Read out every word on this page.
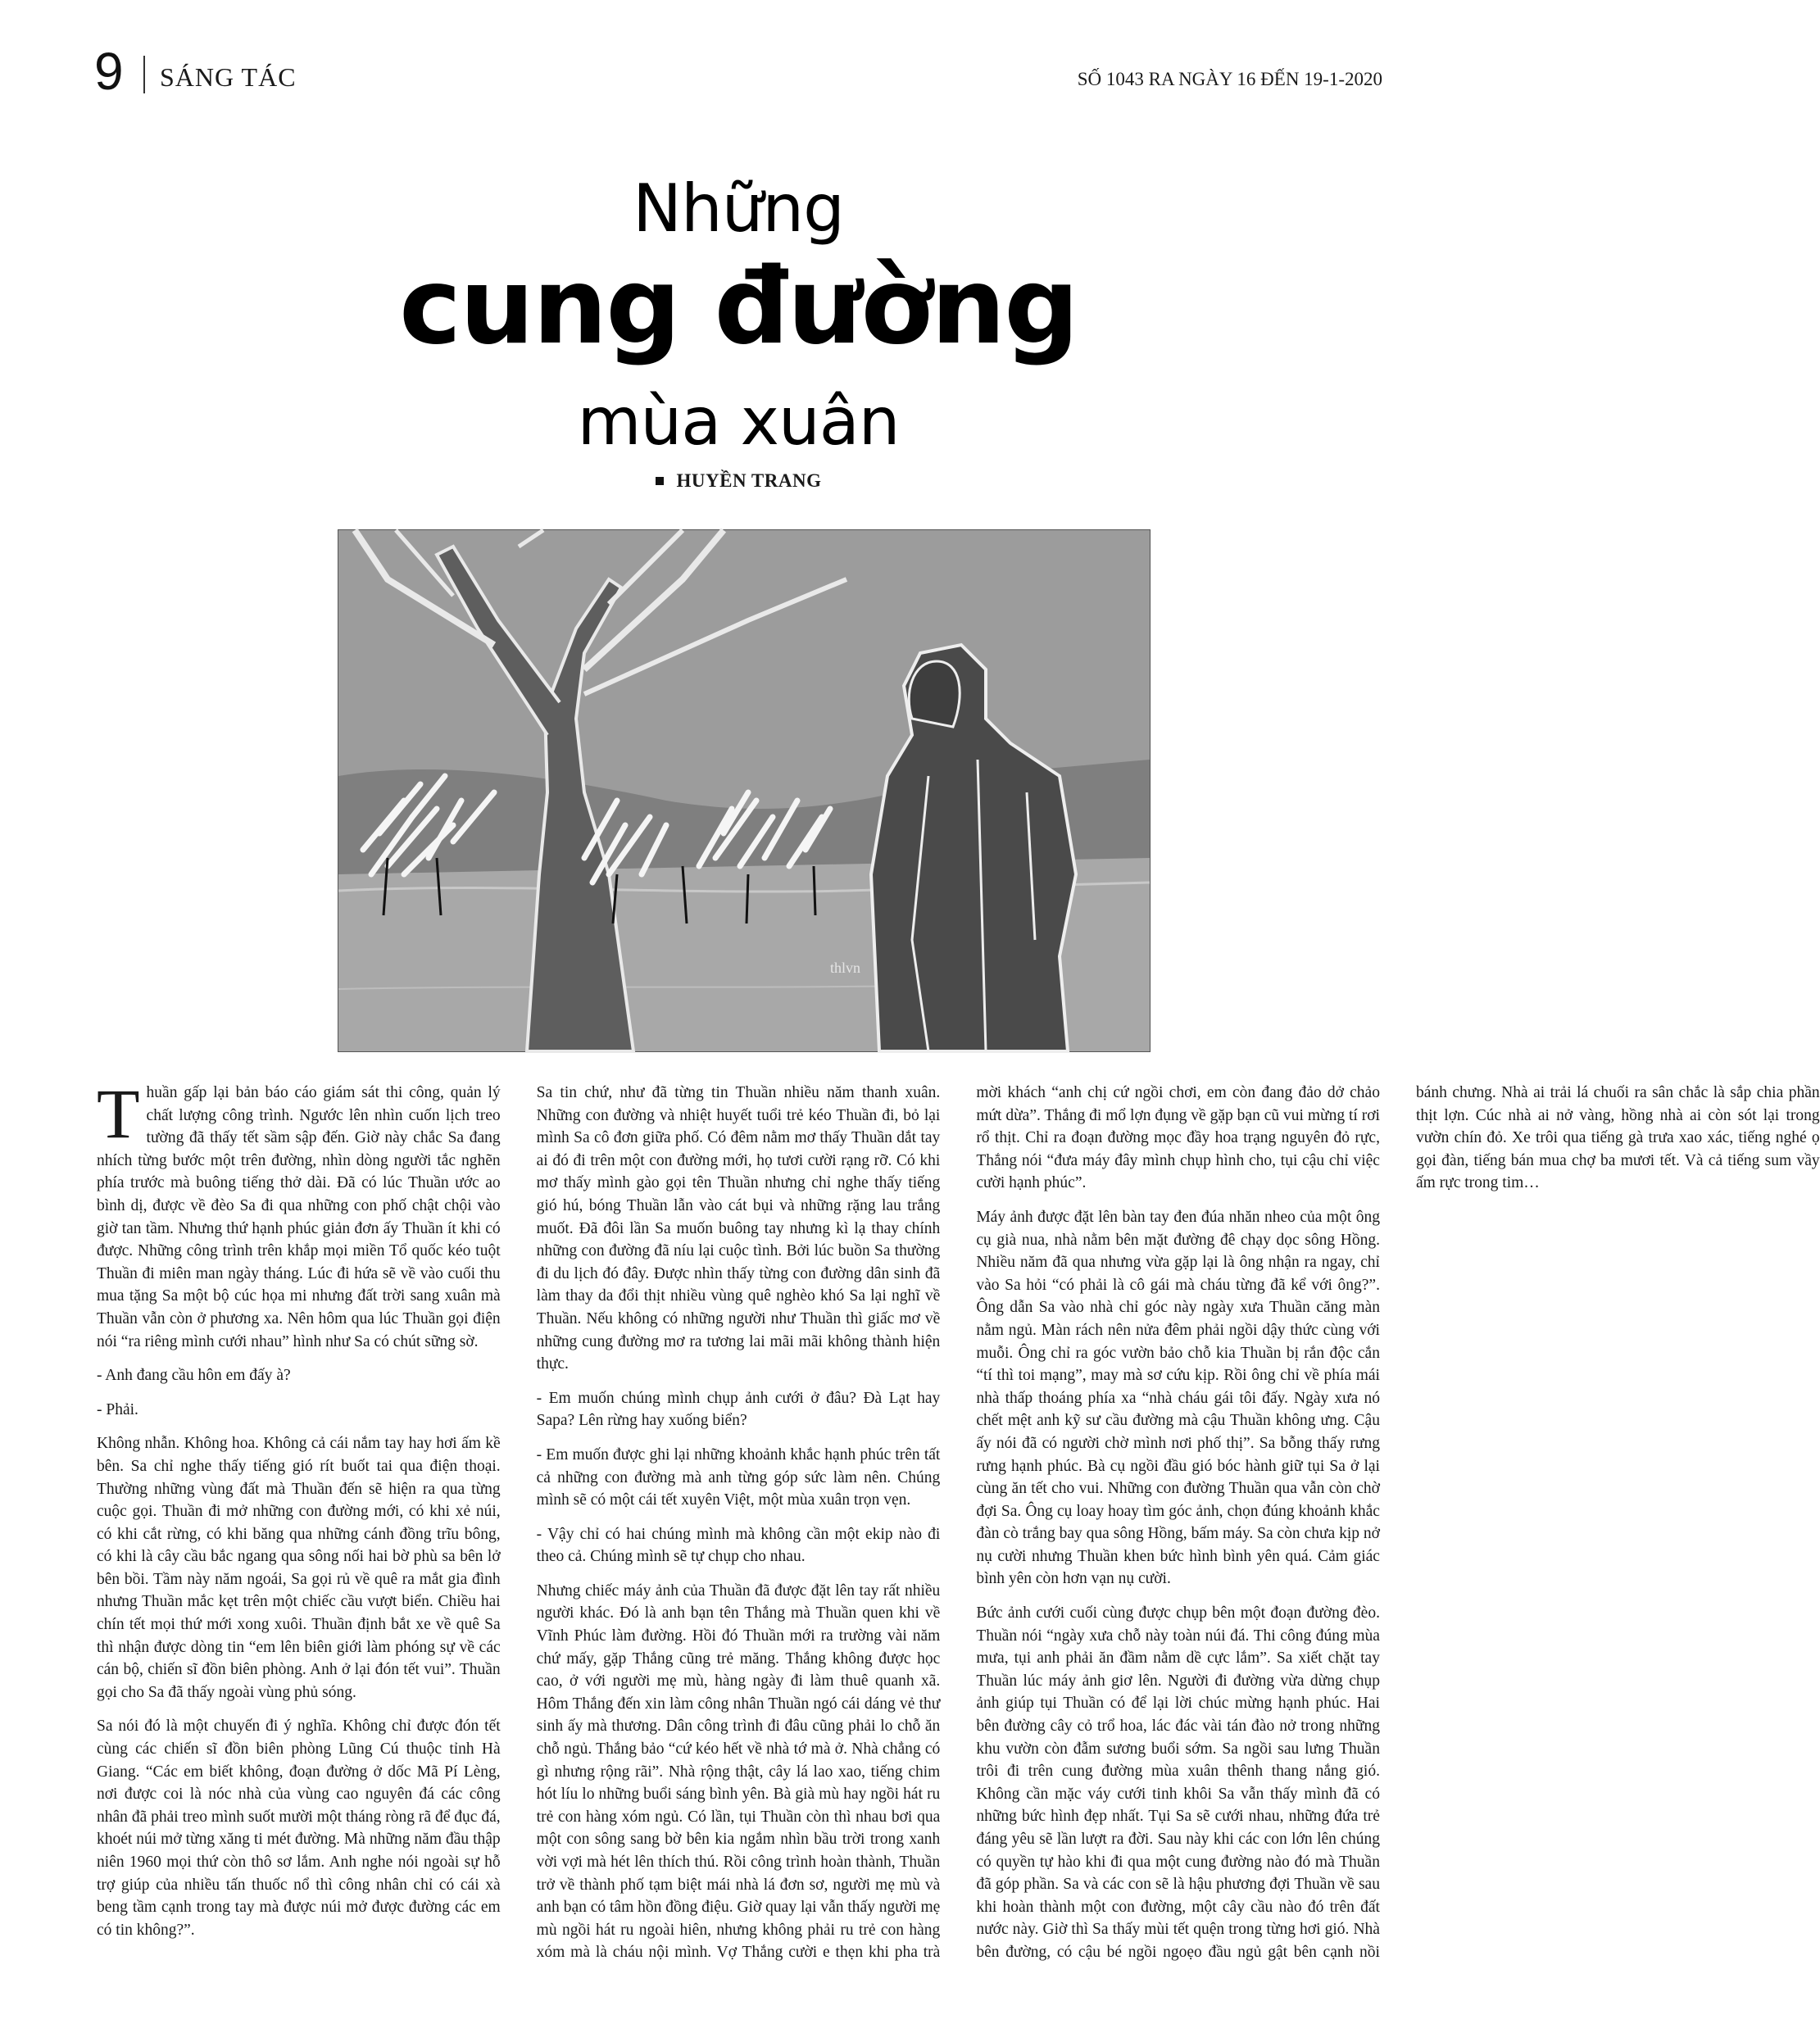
9 SÁNG TÁC	SỐ 1043 RA NGÀY 16 ĐẾN 19-1-2020
Những
cung đường
mùa xuân
HUYỀN TRANG
thlvn

Thuần gấp lại bản báo cáo giám sát thi công, quản lý chất lượng công trình. Ngước lên nhìn cuốn lịch treo tường đã thấy tết sầm sập đến. Giờ này chắc Sa đang nhích từng bước một trên đường, nhìn dòng người tắc nghẽn phía trước mà buông tiếng thở dài. Đã có lúc Thuần ước ao bình dị, được về đèo Sa đi qua những con phố chật chội vào giờ tan tầm. Nhưng thứ hạnh phúc giản đơn ấy Thuần ít khi có được. Những công trình trên khắp mọi miền Tổ quốc kéo tuột Thuần đi miên man ngày tháng. Lúc đi hứa sẽ về vào cuối thu mua tặng Sa một bộ cúc họa mi nhưng đất trời sang xuân mà Thuần vẫn còn ở phương xa. Nên hôm qua lúc Thuần gọi điện nói “ra riêng mình cưới nhau” hình như Sa có chút sững sờ.

- Anh đang cầu hôn em đấy à?

- Phải.

Không nhẫn. Không hoa. Không cả cái nắm tay hay hơi ấm kề bên. Sa chỉ nghe thấy tiếng gió rít buốt tai qua điện thoại. Thường những vùng đất mà Thuần đến sẽ hiện ra qua từng cuộc gọi. Thuần đi mở những con đường mới, có khi xẻ núi, có khi cắt rừng, có khi băng qua những cánh đồng trĩu bông, có khi là cây cầu bắc ngang qua sông nối hai bờ phù sa bên lở bên bồi. Tầm này năm ngoái, Sa gọi rủ về quê ra mắt gia đình nhưng Thuần mắc kẹt trên một chiếc cầu vượt biển. Chiều hai chín tết mọi thứ mới xong xuôi. Thuần định bắt xe về quê Sa thì nhận được dòng tin “em lên biên giới làm phóng sự về các cán bộ, chiến sĩ đồn biên phòng. Anh ở lại đón tết vui”. Thuần gọi cho Sa đã thấy ngoài vùng phủ sóng.

Sa nói đó là một chuyến đi ý nghĩa. Không chỉ được đón tết cùng các chiến sĩ đồn biên phòng Lũng Cú thuộc tỉnh Hà Giang. “Các em biết không, đoạn đường ở dốc Mã Pí Lèng, nơi được coi là nóc nhà của vùng cao nguyên đá các công nhân đã phải treo mình suốt mười một tháng ròng rã để đục đá, khoét núi mở từng xăng ti mét đường. Mà những năm đầu thập niên 1960 mọi thứ còn thô sơ lắm. Anh nghe nói ngoài sự hỗ trợ giúp của nhiều tấn thuốc nổ thì công nhân chỉ có cái xà beng tầm cạnh trong tay mà được núi mở được đường các em có tin không?”.

Sa tin chứ, như đã từng tin Thuần nhiều năm thanh xuân. Những con đường và nhiệt huyết tuổi trẻ kéo Thuần đi, bỏ lại mình Sa cô đơn giữa phố. Có đêm nằm mơ thấy Thuần dắt tay ai đó đi trên một con đường mới, họ tươi cười rạng rỡ. Có khi mơ thấy mình gào gọi tên Thuần nhưng chỉ nghe thấy tiếng gió hú, bóng Thuần lẫn vào cát bụi và những rặng lau trắng muốt. Đã đôi lần Sa muốn buông tay nhưng kì lạ thay chính những con đường đã níu lại cuộc tình. Bởi lúc buồn Sa thường đi du lịch đó đây. Được nhìn thấy từng con đường dân sinh đã làm thay da đổi thịt nhiều vùng quê nghèo khó Sa lại nghĩ về Thuần. Nếu không có những người như Thuần thì giấc mơ về những cung đường mơ ra tương lai mãi mãi không thành hiện thực.

- Em muốn chúng mình chụp ảnh cưới ở đâu? Đà Lạt hay Sapa? Lên rừng hay xuống biển?

- Em muốn được ghi lại những khoảnh khắc hạnh phúc trên tất cả những con đường mà anh từng góp sức làm nên. Chúng mình sẽ có một cái tết xuyên Việt, một mùa xuân trọn vẹn.

- Vậy chỉ có hai chúng mình mà không cần một ekip nào đi theo cả. Chúng mình sẽ tự chụp cho nhau.

Nhưng chiếc máy ảnh của Thuần đã được đặt lên tay rất nhiều người khác. Đó là anh bạn tên Thắng mà Thuần quen khi về Vĩnh Phúc làm đường. Hồi đó Thuần mới ra trường vài năm chứ mấy, gặp Thắng cũng trẻ măng. Thắng không được học cao, ở với người mẹ mù, hàng ngày đi làm thuê quanh xã. Hôm Thắng đến xin làm công nhân Thuần ngó cái dáng vẻ thư sinh ấy mà thương. Dân công trình đi đâu cũng phải lo chỗ ăn chỗ ngủ. Thắng bảo “cứ kéo hết về nhà tớ mà ở. Nhà chẳng có gì nhưng rộng rãi”. Nhà rộng thật, cây lá lao xao, tiếng chim hót líu lo những buổi sáng bình yên. Bà già mù hay ngồi hát ru trẻ con hàng xóm ngủ. Có lần, tụi Thuần còn thì nhau bơi qua một con sông sang bờ bên kia ngắm nhìn bầu trời trong xanh vời vợi mà hét lên thích thú. Rồi công trình hoàn thành, Thuần trở về thành phố tạm biệt mái nhà lá đơn sơ, người mẹ mù và anh bạn có tâm hồn đồng điệu. Giờ quay lại vẫn thấy người mẹ mù ngồi hát ru ngoài hiên, nhưng không phải ru trẻ con hàng xóm mà là cháu nội mình. Vợ Thắng cười e thẹn khi pha trà mời khách “anh chị cứ ngồi chơi, em còn đang đảo dở chảo mứt dừa”. Thắng đi mổ lợn đụng về gặp bạn cũ vui mừng tí rơi rổ thịt. Chỉ ra đoạn đường mọc đầy hoa trạng nguyên đỏ rực, Thắng nói “đưa máy đây mình chụp hình cho, tụi cậu chỉ việc cười hạnh phúc”.

Máy ảnh được đặt lên bàn tay đen đúa nhăn nheo của một ông cụ già nua, nhà nằm bên mặt đường đê chạy dọc sông Hồng. Nhiều năm đã qua nhưng vừa gặp lại là ông nhận ra ngay, chỉ vào Sa hỏi “có phải là cô gái mà cháu từng đã kể với ông?”. Ông dẫn Sa vào nhà chỉ góc này ngày xưa Thuần căng màn nằm ngủ. Màn rách nên nửa đêm phải ngồi dậy thức cùng với muỗi. Ông chỉ ra góc vườn bảo chỗ kia Thuần bị rắn độc cắn “tí thì toi mạng”, may mà sơ cứu kịp. Rồi ông chỉ về phía mái nhà thấp thoáng phía xa “nhà cháu gái tôi đấy. Ngày xưa nó chết mệt anh kỹ sư cầu đường mà cậu Thuần không ưng. Cậu ấy nói đã có người chờ mình nơi phố thị”. Sa bỗng thấy rưng rưng hạnh phúc. Bà cụ ngồi đầu gió bóc hành giữ tụi Sa ở lại cùng ăn tết cho vui. Những con đường Thuần qua vẫn còn chờ đợi Sa. Ông cụ loay hoay tìm góc ảnh, chọn đúng khoảnh khắc đàn cò trắng bay qua sông Hồng, bấm máy. Sa còn chưa kịp nở nụ cười nhưng Thuần khen bức hình bình yên quá. Cảm giác bình yên còn hơn vạn nụ cười.

Bức ảnh cưới cuối cùng được chụp bên một đoạn đường đèo. Thuần nói “ngày xưa chỗ này toàn núi đá. Thi công đúng mùa mưa, tụi anh phải ăn đầm nằm dề cực lắm”. Sa xiết chặt tay Thuần lúc máy ảnh giơ lên. Người đi đường vừa dừng chụp ảnh giúp tụi Thuần có để lại lời chúc mừng hạnh phúc. Hai bên đường cây cỏ trổ hoa, lác đác vài tán đào nở trong những khu vườn còn đẫm sương buổi sớm. Sa ngồi sau lưng Thuần trôi đi trên cung đường mùa xuân thênh thang nắng gió. Không cần mặc váy cưới tinh khôi Sa vẫn thấy mình đã có những bức hình đẹp nhất. Tụi Sa sẽ cưới nhau, những đứa trẻ đáng yêu sẽ lần lượt ra đời. Sau này khi các con lớn lên chúng có quyền tự hào khi đi qua một cung đường nào đó mà Thuần đã góp phần. Sa và các con sẽ là hậu phương đợi Thuần về sau khi hoàn thành một con đường, một cây cầu nào đó trên đất nước này. Giờ thì Sa thấy mùi tết quện trong từng hơi gió. Nhà bên đường, có cậu bé ngồi ngoẹo đầu ngủ gật bên cạnh nồi bánh chưng. Nhà ai trải lá chuối ra sân chắc là sắp chia phần thịt lợn. Cúc nhà ai nở vàng, hồng nhà ai còn sót lại trong vườn chín đỏ. Xe trôi qua tiếng gà trưa xao xác, tiếng nghé ọ gọi đàn, tiếng bán mua chợ ba mươi tết. Và cả tiếng sum vầy ấm rực trong tim…
